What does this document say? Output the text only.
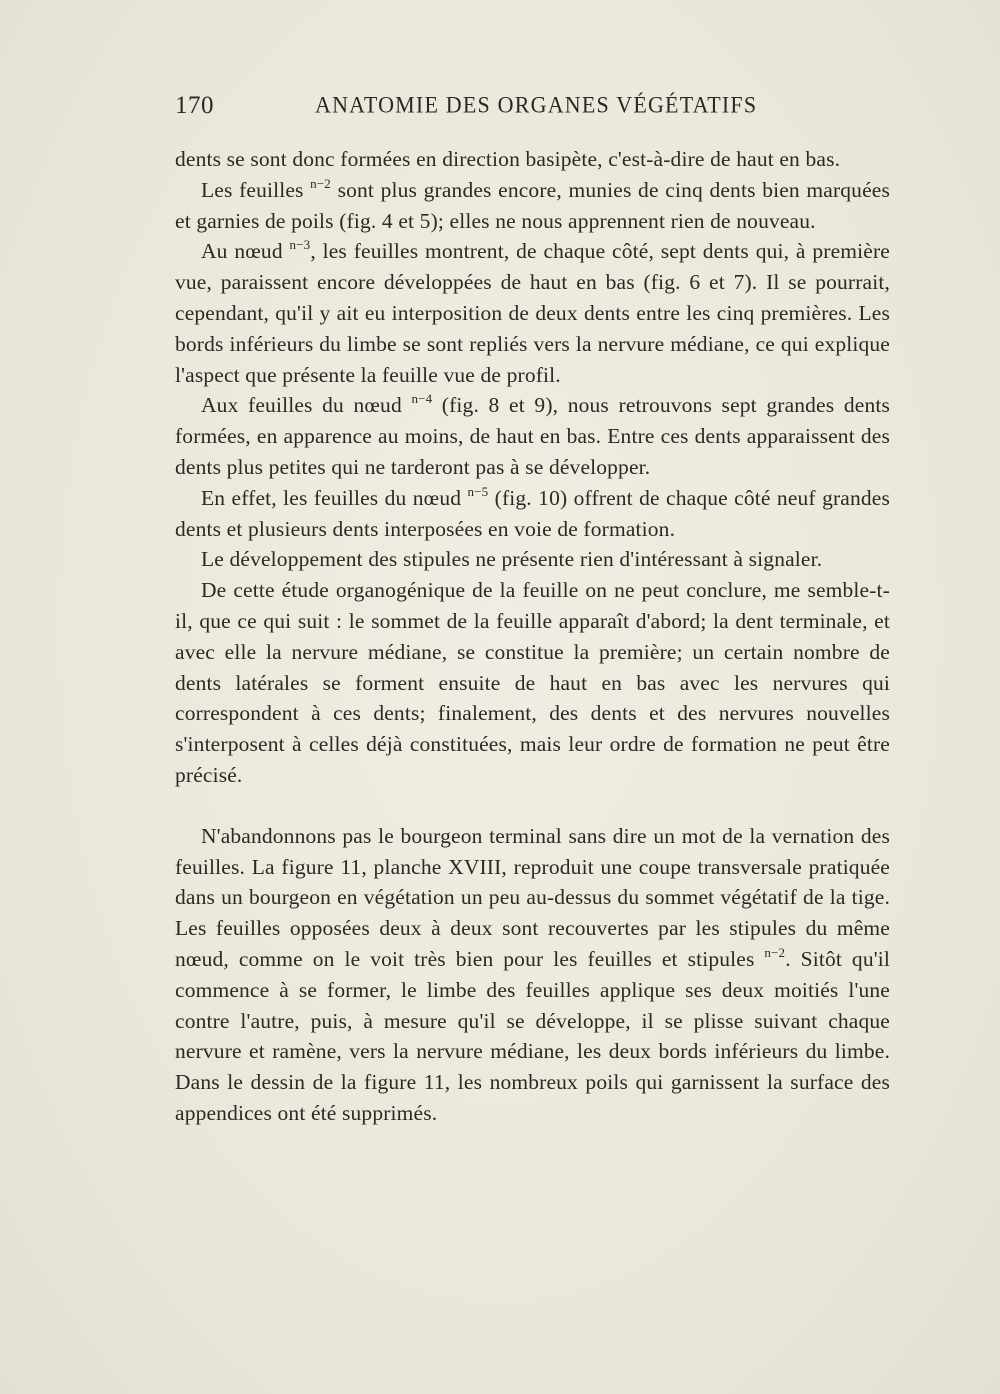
170	ANATOMIE DES ORGANES VÉGÉTATIFS

dents se sont donc formées en direction basipète, c'est-à-dire de haut en bas.

Les feuilles $^{n-2}$ sont plus grandes encore, munies de cinq dents bien marquées et garnies de poils (fig. 4 et 5); elles ne nous apprennent rien de nouveau.

Au nœud $^{n-3}$, les feuilles montrent, de chaque côté, sept dents qui, à première vue, paraissent encore développées de haut en bas (fig. 6 et 7). Il se pourrait, cependant, qu'il y ait eu interposition de deux dents entre les cinq premières. Les bords inférieurs du limbe se sont repliés vers la nervure médiane, ce qui explique l'aspect que présente la feuille vue de profil.

Aux feuilles du nœud $^{n-4}$ (fig. 8 et 9), nous retrouvons sept grandes dents formées, en apparence au moins, de haut en bas. Entre ces dents apparaissent des dents plus petites qui ne tarderont pas à se développer.

En effet, les feuilles du nœud $^{n-5}$ (fig. 10) offrent de chaque côté neuf grandes dents et plusieurs dents interposées en voie de formation.

Le développement des stipules ne présente rien d'intéressant à signaler.

De cette étude organogénique de la feuille on ne peut conclure, me semble-t-il, que ce qui suit : le sommet de la feuille apparaît d'abord; la dent terminale, et avec elle la nervure médiane, se constitue la première; un certain nombre de dents latérales se forment ensuite de haut en bas avec les nervures qui correspondent à ces dents; finalement, des dents et des nervures nouvelles s'interposent à celles déjà constituées, mais leur ordre de formation ne peut être précisé.

N'abandonnons pas le bourgeon terminal sans dire un mot de la vernation des feuilles. La figure 11, planche XVIII, reproduit une coupe transversale pratiquée dans un bourgeon en végétation un peu au-dessus du sommet végétatif de la tige. Les feuilles opposées deux à deux sont recouvertes par les stipules du même nœud, comme on le voit très bien pour les feuilles et stipules $^{n-2}$. Sitôt qu'il commence à se former, le limbe des feuilles applique ses deux moitiés l'une contre l'autre, puis, à mesure qu'il se développe, il se plisse suivant chaque nervure et ramène, vers la nervure médiane, les deux bords inférieurs du limbe. Dans le dessin de la figure 11, les nombreux poils qui garnissent la surface des appendices ont été supprimés.
